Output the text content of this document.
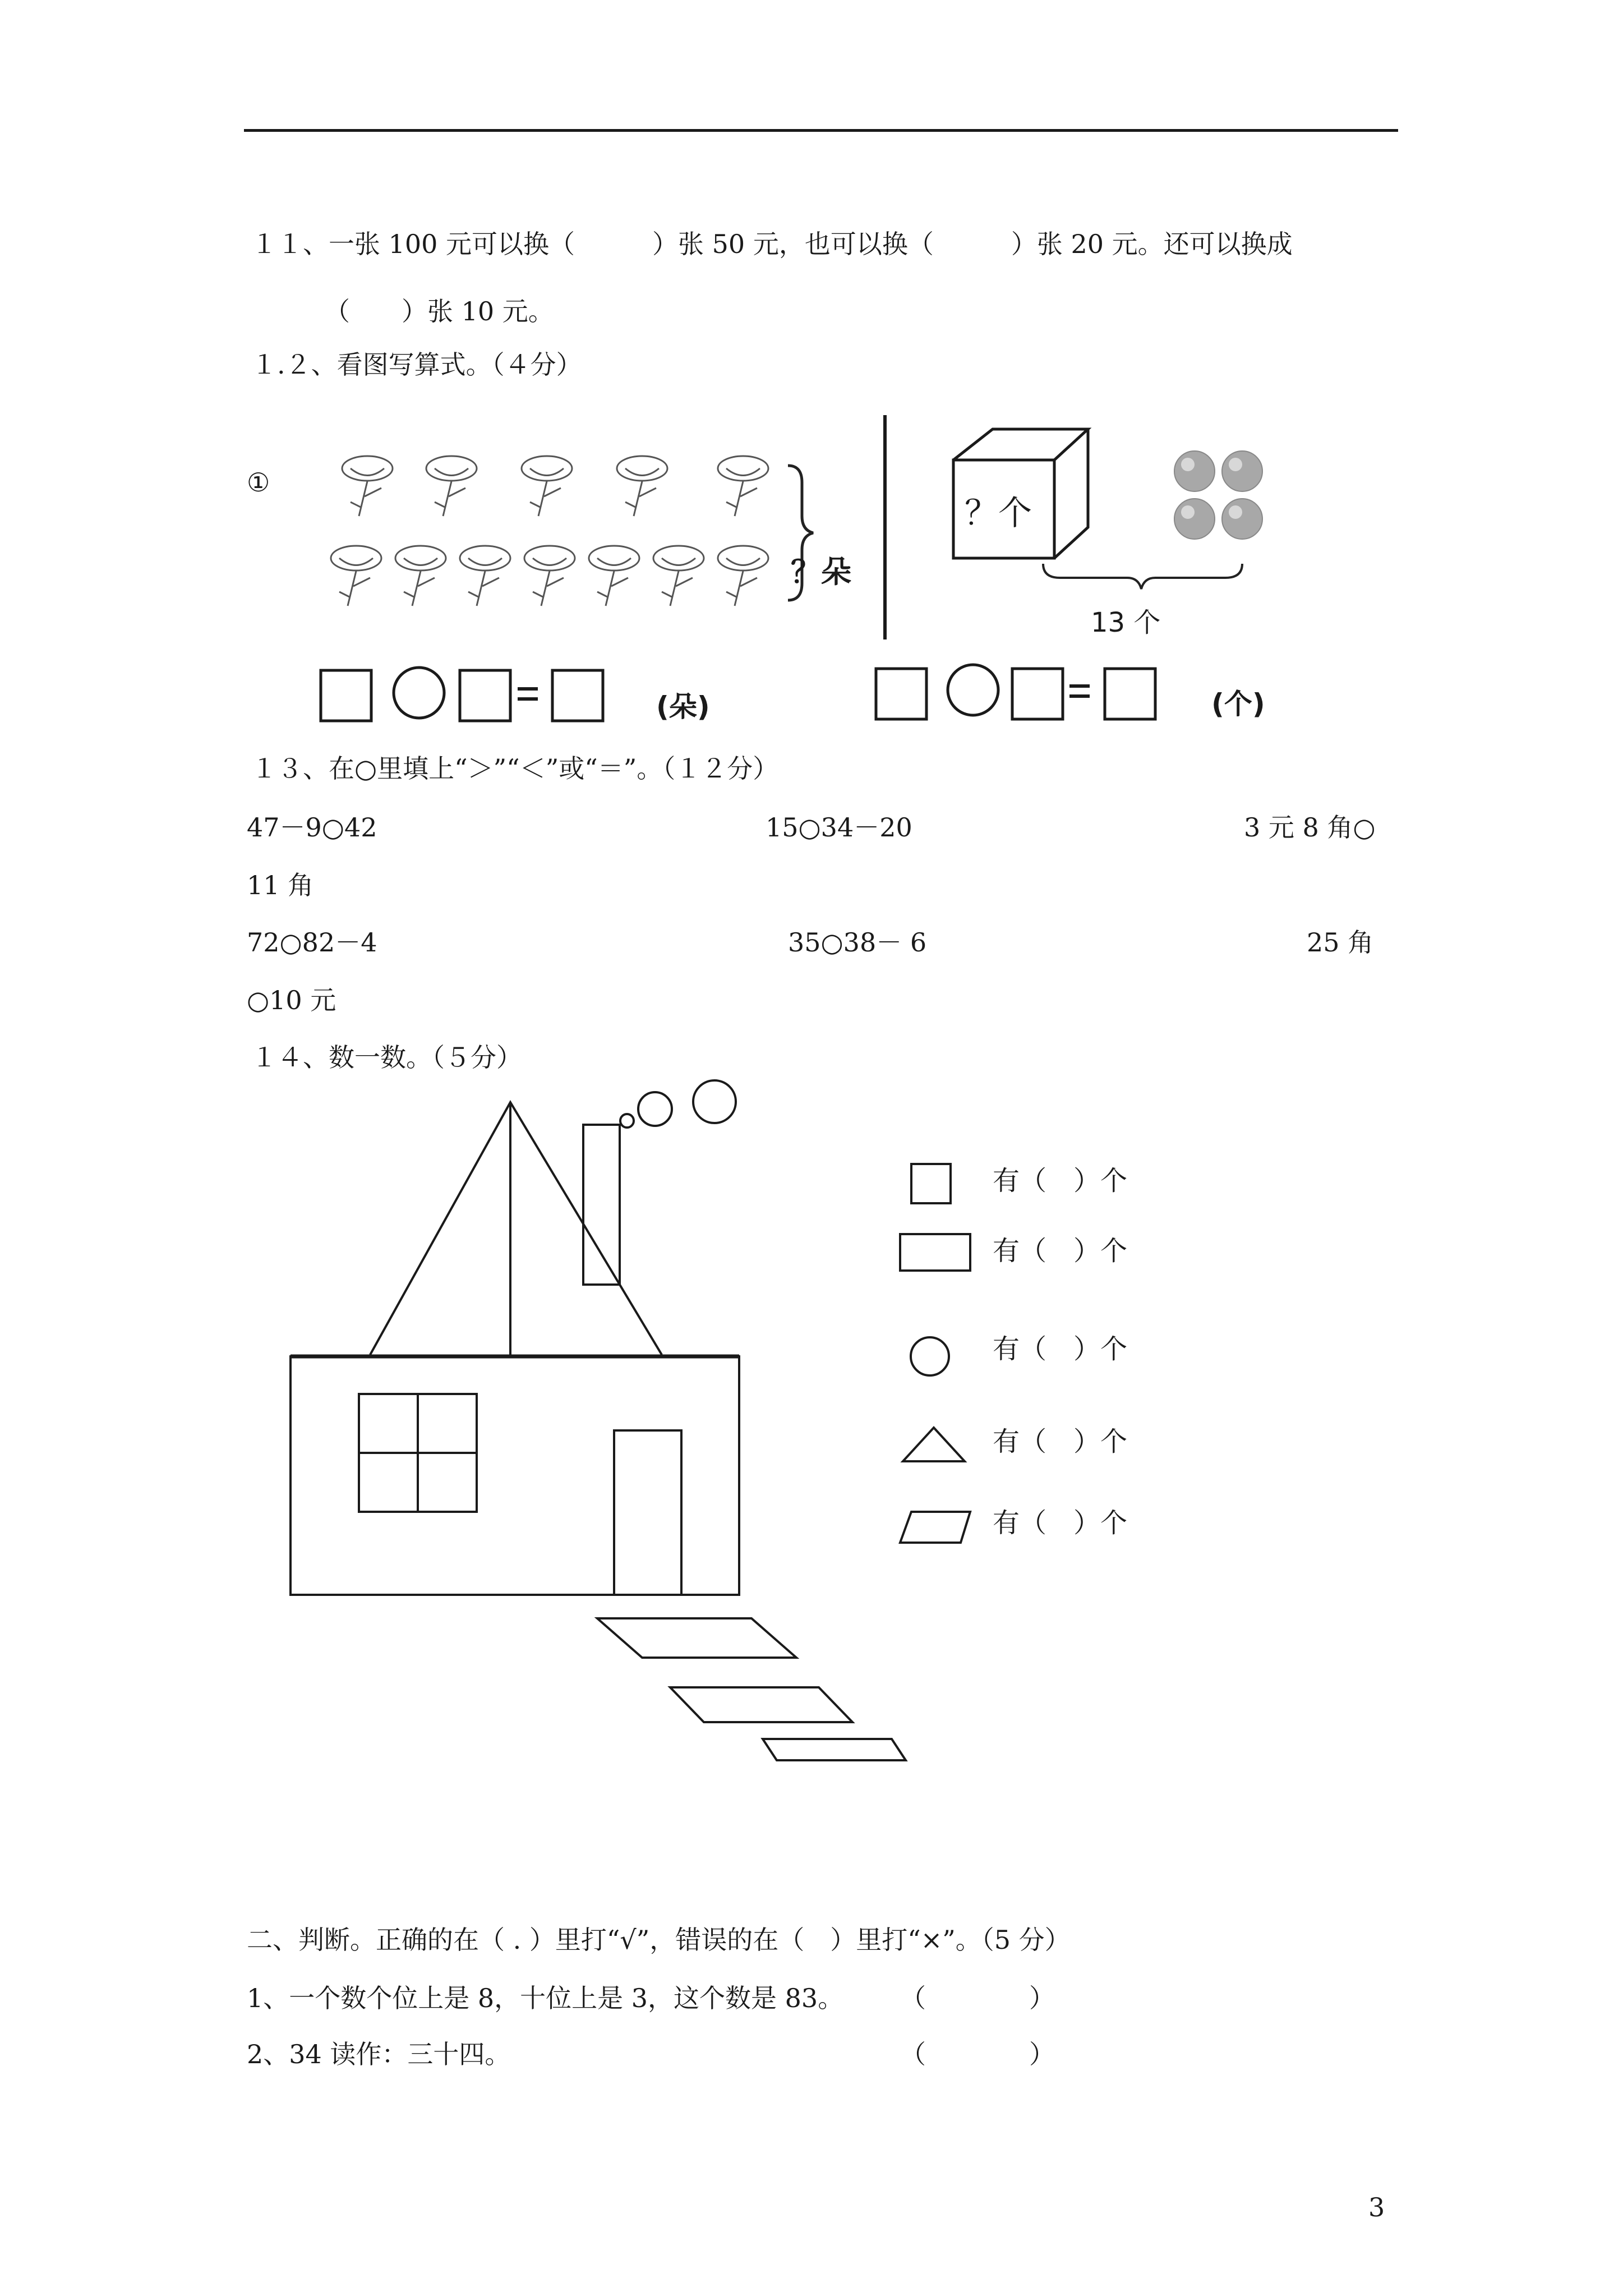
１１、一张 100 元可以换（　　　）张 50 元，也可以换（　　　）张 20 元。还可以换成
（　　）张 10 元。
１.２、看图写算式。（４分）
①
？朵
？个
13 个
(朵)	(个)
１３、在○里填上“＞”“＜”或“＝”。（１２分）
47－9○42	15○34－20	3 元 8 角○
11 角
72○82－4	35○38－ 6	25 角
○10 元
１４、数一数。（５分）
有（　）个
有（　）个
有（　）个
有（　）个
有（　）个
二、判断。正确的在（ . ）里打“√”，错误的在（　）里打“×”。（5 分）
1、一个数个位上是 8，十位上是 3，这个数是 83。 （　　　　）
2、34 读作：三十四。	（　　　　）
3
